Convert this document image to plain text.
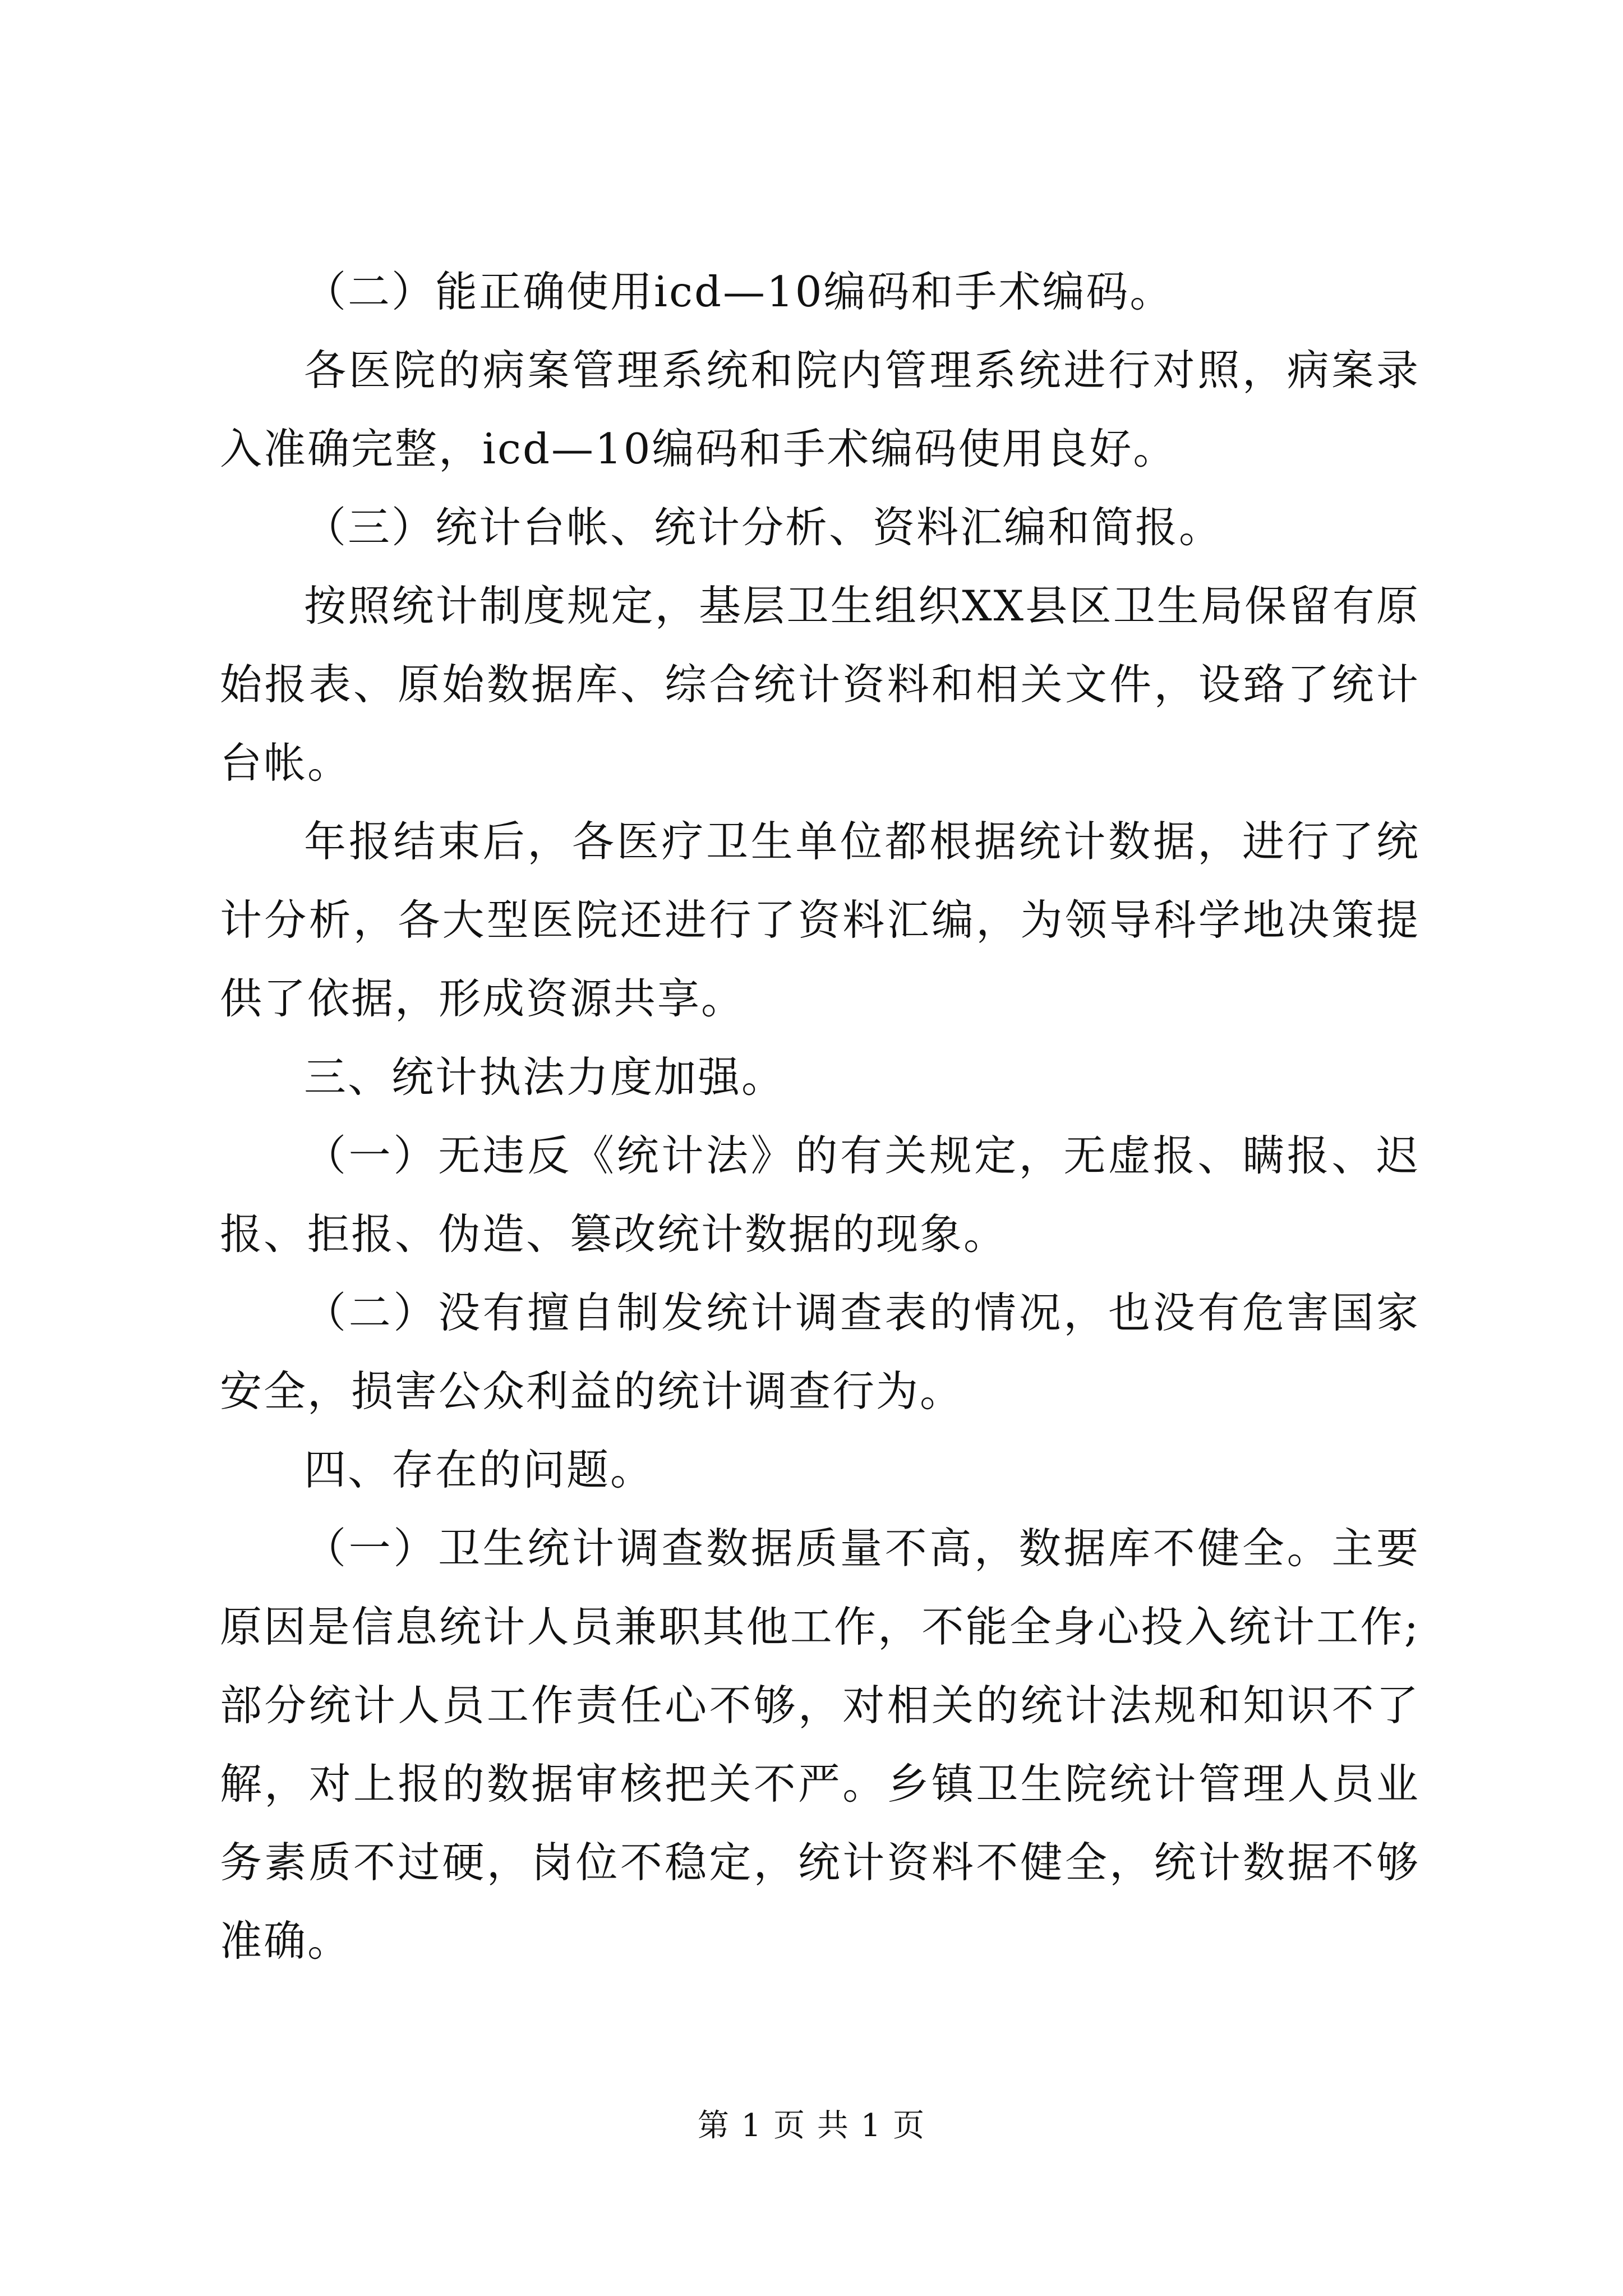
（二）能正确使用icd—10编码和手术编码。

各医院的病案管理系统和院内管理系统进行对照，病案录入准确完整，icd—10编码和手术编码使用良好。

（三）统计台帐、统计分析、资料汇编和简报。

按照统计制度规定，基层卫生组织XX县区卫生局保留有原始报表、原始数据库、综合统计资料和相关文件，设臵了统计台帐。

年报结束后，各医疗卫生单位都根据统计数据，进行了统计分析，各大型医院还进行了资料汇编，为领导科学地决策提供了依据，形成资源共享。

三、统计执法力度加强。

（一）无违反《统计法》的有关规定，无虚报、瞒报、迟报、拒报、伪造、篡改统计数据的现象。

（二）没有擅自制发统计调查表的情况，也没有危害国家安全，损害公众利益的统计调查行为。

四、存在的问题。

（一）卫生统计调查数据质量不高，数据库不健全。主要原因是信息统计人员兼职其他工作，不能全身心投入统计工作;部分统计人员工作责任心不够，对相关的统计法规和知识不了解，对上报的数据审核把关不严。乡镇卫生院统计管理人员业务素质不过硬，岗位不稳定，统计资料不健全，统计数据不够准确。

第 1 页 共 1 页
